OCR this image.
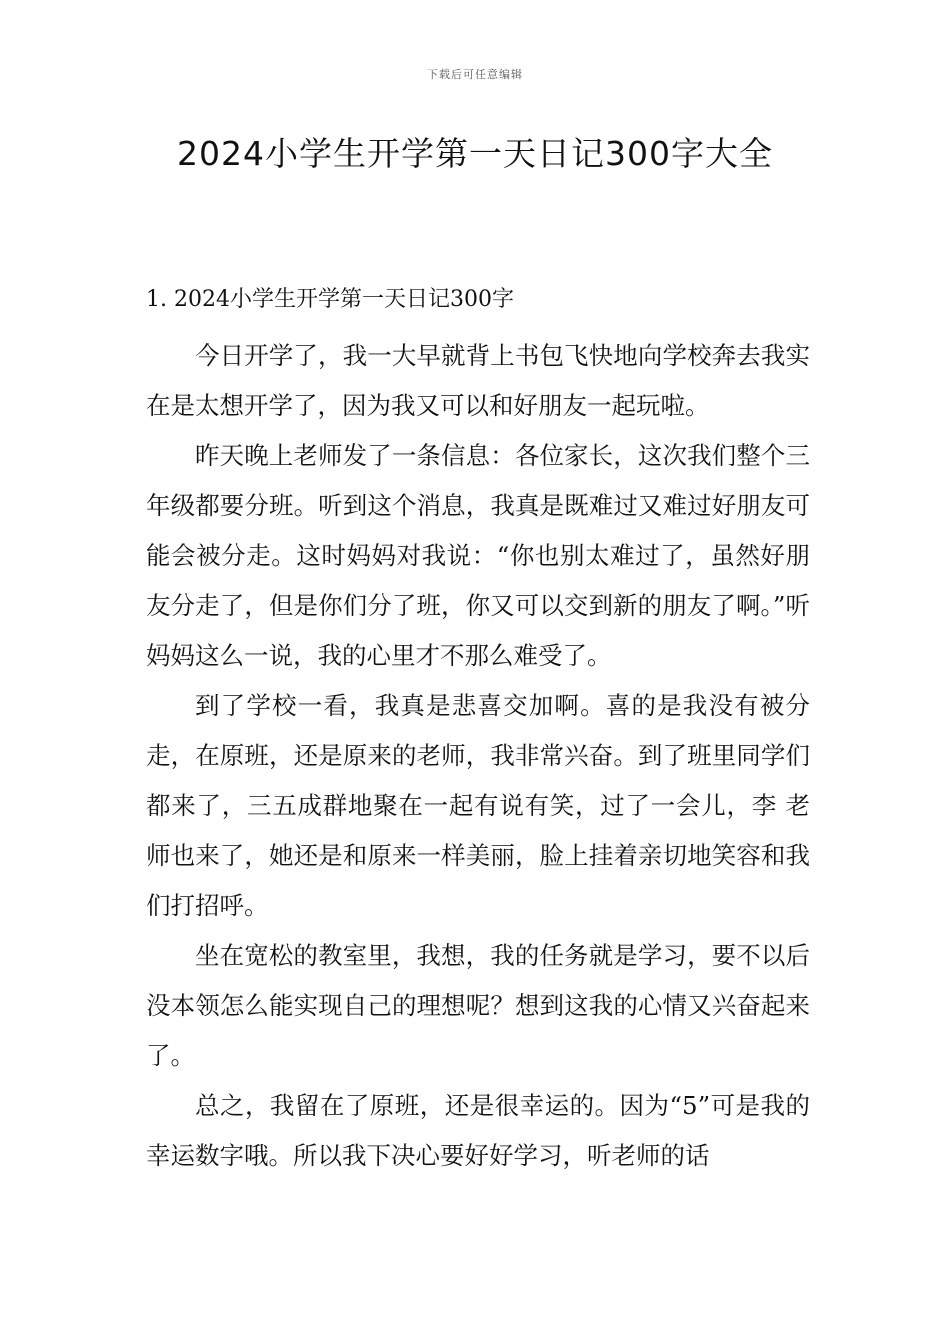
下载后可任意编辑
2024小学生开学第一天日记300字大全
1. 2024小学生开学第一天日记300字

今日开学了，我一大早就背上书包飞快地向学校奔去我实在是太想开学了，因为我又可以和好朋友一起玩啦。

昨天晚上老师发了一条信息：各位家长，这次我们整个三年级都要分班。听到这个消息，我真是既难过又难过好朋友可能会被分走。这时妈妈对我说：“你也别太难过了，虽然好朋友分走了，但是你们分了班，你又可以交到新的朋友了啊。”听妈妈这么一说，我的心里才不那么难受了。

到了学校一看，我真是悲喜交加啊。喜的是我没有被分走，在原班，还是原来的老师，我非常兴奋。到了班里同学们都来了，三五成群地聚在一起有说有笑，过了一会儿，李 老师也来了，她还是和原来一样美丽，脸上挂着亲切地笑容和我们打招呼。

坐在宽松的教室里，我想，我的任务就是学习，要不以后没本领怎么能实现自己的理想呢？想到这我的心情又兴奋起来了。

总之，我留在了原班，还是很幸运的。因为“5”可是我的幸运数字哦。所以我下决心要好好学习，听老师的话
